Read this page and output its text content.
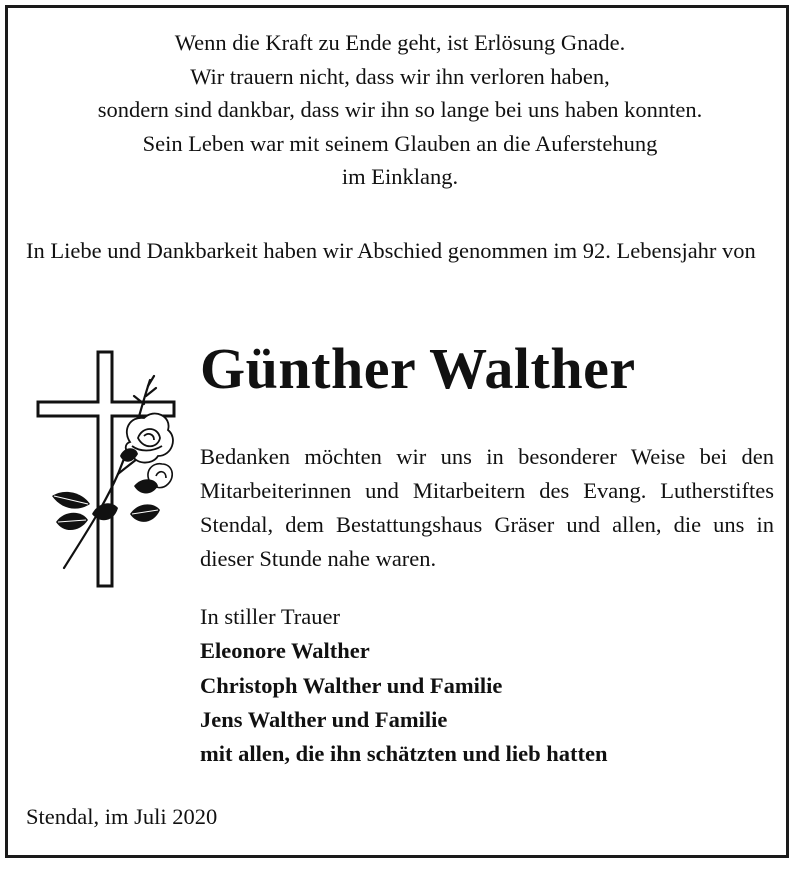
Wenn die Kraft zu Ende geht, ist Erlösung Gnade.
Wir trauern nicht, dass wir ihn verloren haben,
sondern sind dankbar, dass wir ihn so lange bei uns haben konnten.
Sein Leben war mit seinem Glauben an die Auferstehung
im Einklang.
In Liebe und Dankbarkeit haben wir Abschied genommen im 92. Lebensjahr von
Günther Walther
Bedanken möchten wir uns in besonderer Weise bei den Mitarbeiterinnen und Mitarbeitern des Evang. Lutherstiftes Stendal, dem Bestattungshaus Gräser und allen, die uns in dieser Stunde nahe waren.
In stiller Trauer
Eleonore Walther
Christoph Walther und Familie
Jens Walther und Familie
mit allen, die ihn schätzten und lieb hatten
Stendal, im Juli 2020
